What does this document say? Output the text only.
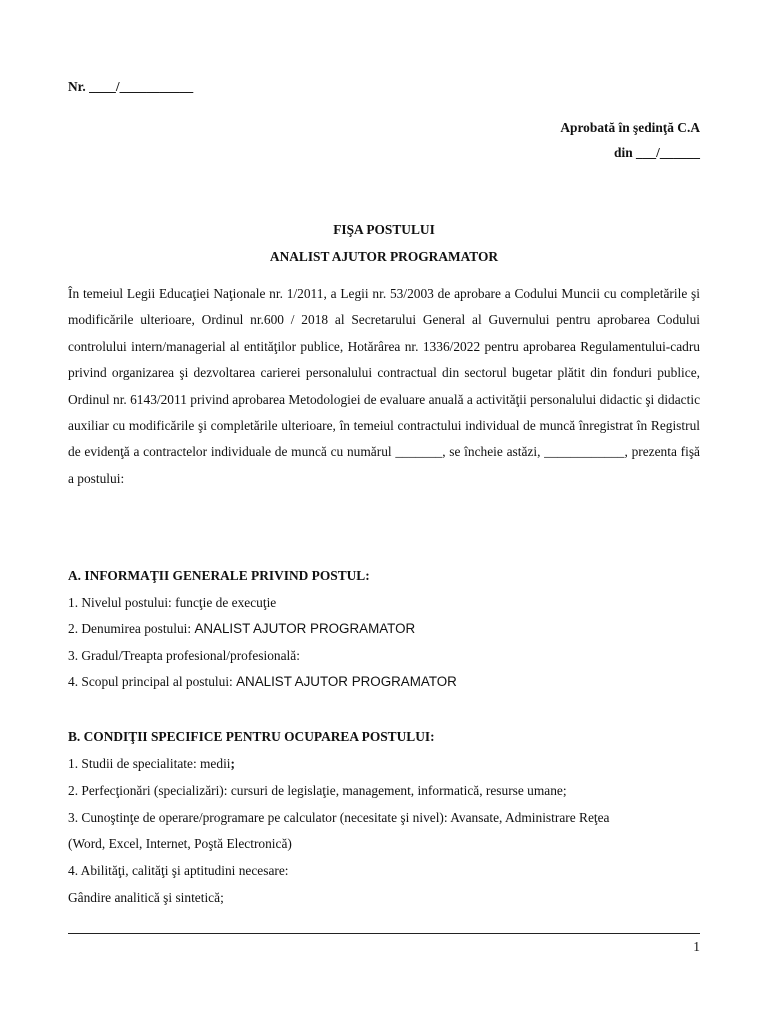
Nr. ____/___________
Aprobată în şedinţă C.A
din ___/______
FIŞA POSTULUI
ANALIST AJUTOR PROGRAMATOR
În temeiul Legii Educaţiei Naţionale nr. 1/2011, a Legii nr. 53/2003 de aprobare a Codului Muncii cu completările şi modificările ulterioare, Ordinul nr.600 / 2018 al Secretarului General al Guvernului pentru aprobarea Codului controlului intern/managerial al entităţilor publice, Hotărârea nr. 1336/2022 pentru aprobarea Regulamentului-cadru privind organizarea şi dezvoltarea carierei personalului contractual din sectorul bugetar plătit din fonduri publice, Ordinul nr. 6143/2011 privind aprobarea Metodologiei de evaluare anuală a activităţii personalului didactic şi didactic auxiliar cu modificările şi completările ulterioare, în temeiul contractului individual de muncă înregistrat în Registrul de evidenţă a contractelor individuale de muncă cu numărul _______, se încheie astăzi, ____________, prezenta fişă a postului:
A. INFORMAŢII GENERALE PRIVIND POSTUL:
1. Nivelul postului: funcţie de execuţie
2. Denumirea postului: ANALIST AJUTOR PROGRAMATOR
3. Gradul/Treapta profesional/profesională:
4. Scopul principal al postului: ANALIST AJUTOR PROGRAMATOR
B. CONDIŢII SPECIFICE PENTRU OCUPAREA POSTULUI:
1. Studii de specialitate: medii;
2. Perfecţionări (specializări): cursuri de legislaţie, management, informatică, resurse umane;
3. Cunoştinţe de operare/programare pe calculator (necesitate şi nivel): Avansate, Administrare Reţea
(Word, Excel, Internet, Poştă Electronică)
4. Abilităţi, calităţi şi aptitudini necesare:
Gândire analitică şi sintetică;
1
